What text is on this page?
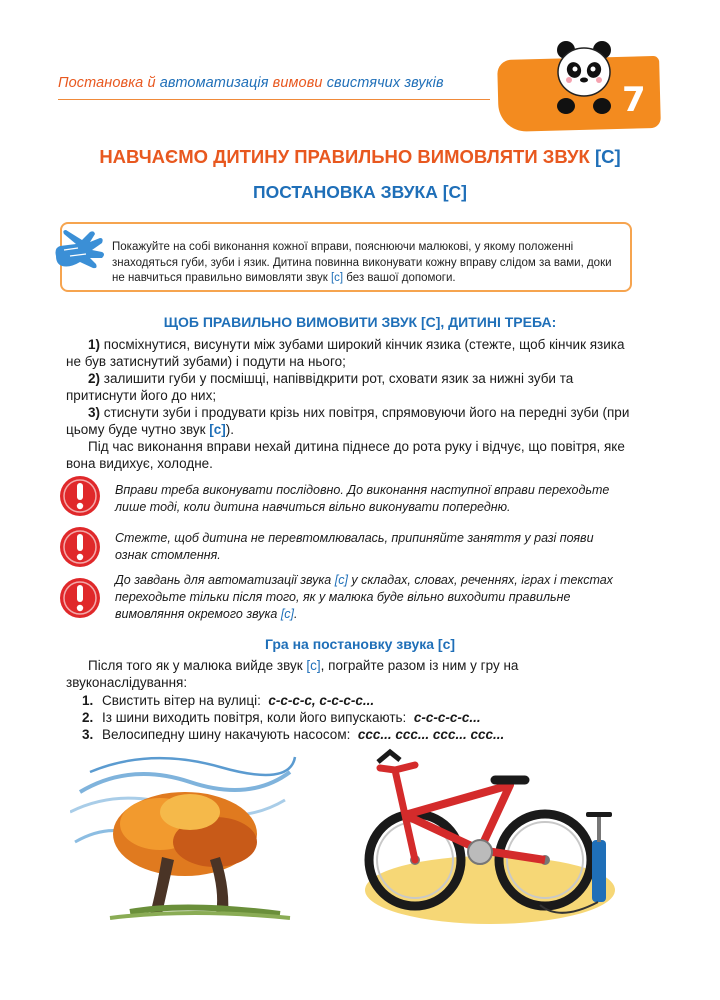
Постановка й автоматизація вимови свистячих звуків	7
НАВЧАЄМО ДИТИНУ ПРАВИЛЬНО ВИМОВЛЯТИ ЗВУК [С]
ПОСТАНОВКА ЗВУКА [С]
Покажуйте на собі виконання кожної вправи, пояснюючи малюкові, у якому положенні знаходяться губи, зуби і язик. Дитина повинна виконувати кожну вправу слідом за вами, доки не навчиться правильно вимовляти звук [с] без вашої допомоги.
ЩОБ ПРАВИЛЬНО ВИМОВИТИ ЗВУК [С], ДИТИНІ ТРЕБА:
1) посміхнутися, висунути між зубами широкий кінчик язика (стежте, щоб кінчик язика не був затиснутий зубами) і подути на нього;
2) залишити губи у посмішці, напіввідкрити рот, сховати язик за нижні зуби та притиснути його до них;
3) стиснути зуби і продувати крізь них повітря, спрямовуючи його на передні зуби (при цьому буде чутно звук [с]).
Під час виконання вправи нехай дитина піднесе до рота руку і відчує, що повітря, яке вона видихує, холодне.
Вправи треба виконувати послідовно. До виконання наступної вправи переходьте лише тоді, коли дитина навчиться вільно виконувати попередню.
Стежте, щоб дитина не перевтомлювалась, припиняйте заняття у разі появи ознак стомлення.
До завдань для автоматизації звука [с] у складах, словах, реченнях, іграх і текстах переходьте тільки після того, як у малюка буде вільно виходити правильне вимовляння окремого звука [с].
Гра на постановку звука [с]
Після того як у малюка вийде звук [с], пограйте разом із ним у гру на звуконаслідування:
1. Свистить вітер на вулиці: с-с-с-с, с-с-с-с...
2. Із шини виходить повітря, коли його випускають: с-с-с-с-с...
3. Велосипедну шину накачують насосом: ссс... ссс... ссс... ссс...
